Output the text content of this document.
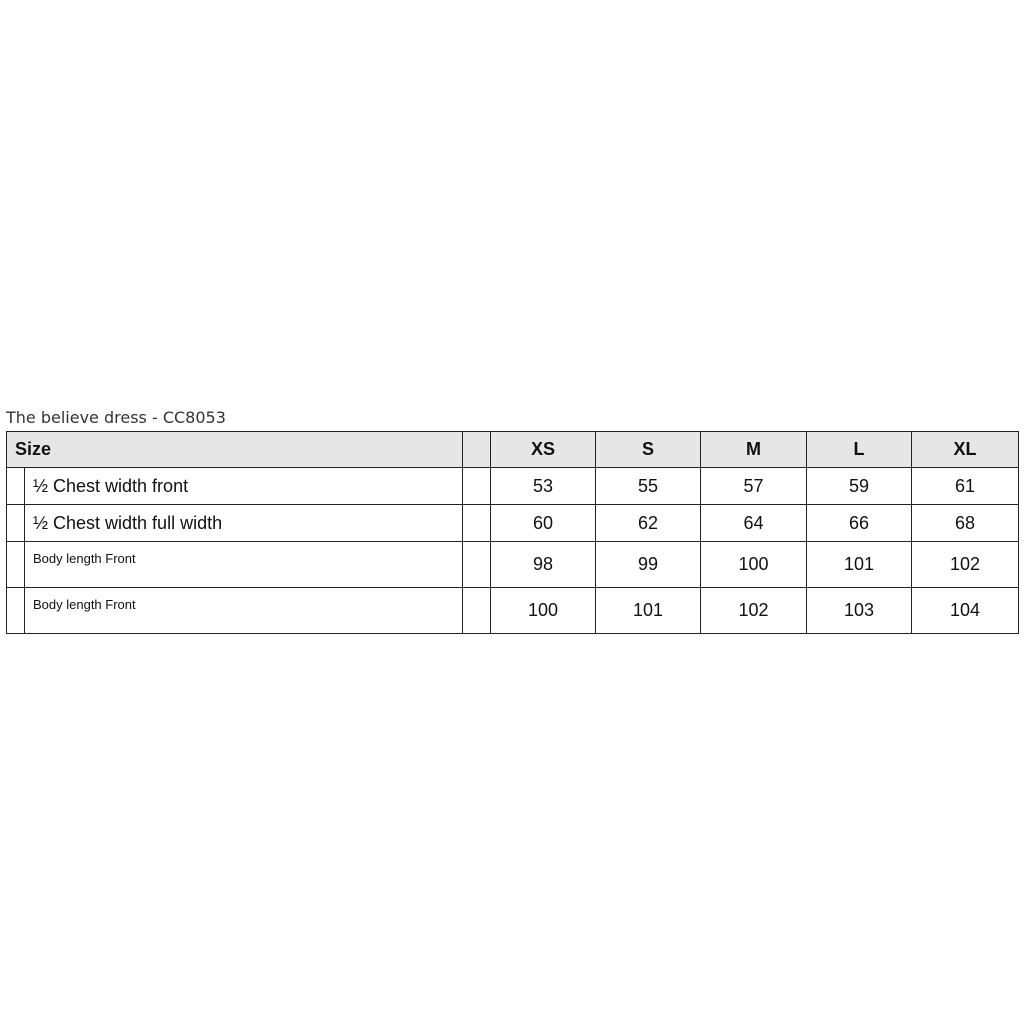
The believe dress - CC8053
Size			XS	S	M	L	XL
	½ Chest width front		53	55	57	59	61
	½ Chest width full width		60	62	64	66	68
	Body length Front		98	99	100	101	102
	Body length Front		100	101	102	103	104
